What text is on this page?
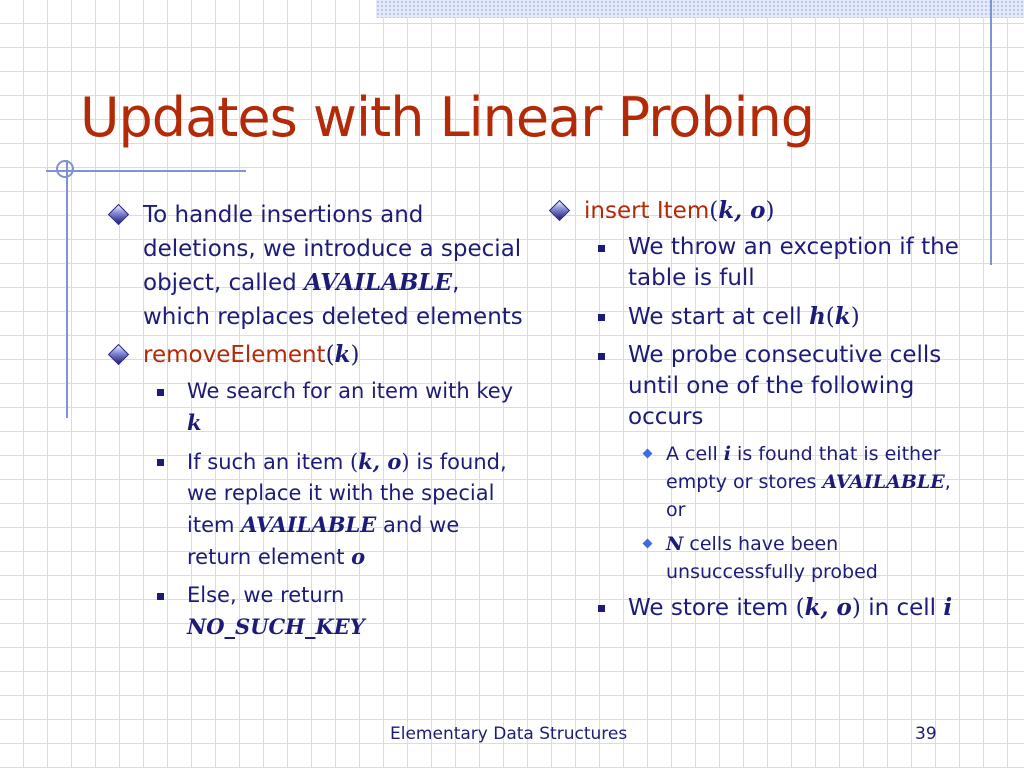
Updates with Linear Probing
To handle insertions and deletions, we introduce a special object, called AVAILABLE, which replaces deleted elements
removeElement(k)
We search for an item with key k
If such an item (k, o) is found, we replace it with the special item AVAILABLE and we return element o
Else, we return
NO_SUCH_KEY
insert Item(k, o)
We throw an exception if the table is full
We start at cell h(k)
We probe consecutive cells until one of the following occurs
A cell i is found that is either empty or stores AVAILABLE, or
N cells have been unsuccessfully probed
We store item (k, o) in cell i
Elementary Data Structures	39
